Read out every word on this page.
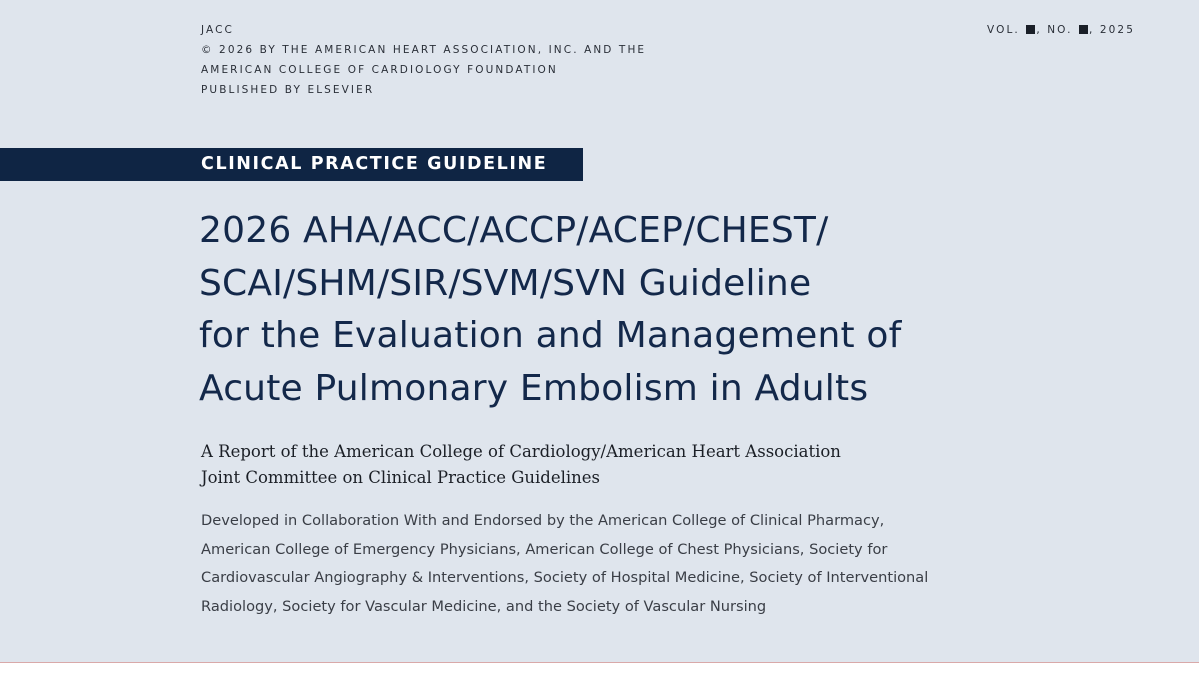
JACC
© 2026 BY THE AMERICAN HEART ASSOCIATION, INC. AND THE
AMERICAN COLLEGE OF CARDIOLOGY FOUNDATION
PUBLISHED BY ELSEVIER
VOL. , NO. , 2025
CLINICAL PRACTICE GUIDELINE
2026 AHA/ACC/ACCP/ACEP/CHEST/
SCAI/SHM/SIR/SVM/SVN Guideline
for the Evaluation and Management of
Acute Pulmonary Embolism in Adults
A Report of the American College of Cardiology/American Heart Association
Joint Committee on Clinical Practice Guidelines
Developed in Collaboration With and Endorsed by the American College of Clinical Pharmacy,
American College of Emergency Physicians, American College of Chest Physicians, Society for
Cardiovascular Angiography & Interventions, Society of Hospital Medicine, Society of Interventional
Radiology, Society for Vascular Medicine, and the Society of Vascular Nursing
